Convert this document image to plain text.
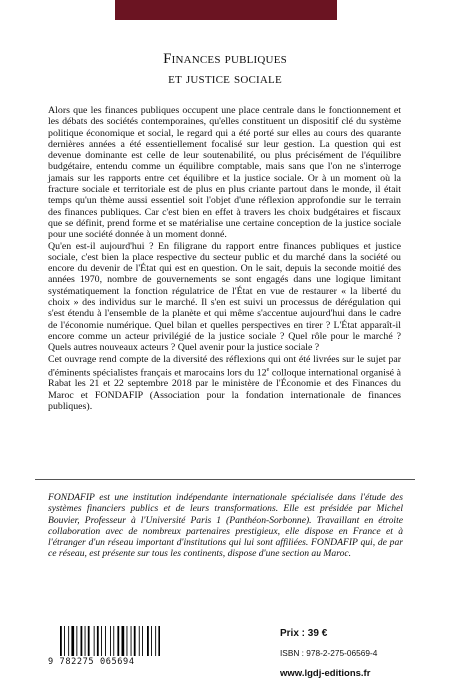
Finances publiques
et justice sociale

Alors que les finances publiques occupent une place centrale dans le fonctionnement et les débats des sociétés contemporaines, qu'elles constituent un dispositif clé du système politique économique et social, le regard qui a été porté sur elles au cours des quarante dernières années a été essentiellement focalisé sur leur gestion. La question qui est devenue dominante est celle de leur soutenabilité, ou plus précisément de l'équilibre budgétaire, entendu comme un équilibre comptable, mais sans que l'on ne s'interroge jamais sur les rapports entre cet équilibre et la justice sociale. Or à un moment où la fracture sociale et territoriale est de plus en plus criante partout dans le monde, il était temps qu'un thème aussi essentiel soit l'objet d'une réflexion approfondie sur le terrain des finances publiques. Car c'est bien en effet à travers les choix budgétaires et fiscaux que se définit, prend forme et se matérialise une certaine conception de la justice sociale pour une société donnée à un moment donné.

Qu'en est-il aujourd'hui ? En filigrane du rapport entre finances publiques et justice sociale, c'est bien la place respective du secteur public et du marché dans la société ou encore du devenir de l'État qui est en question. On le sait, depuis la seconde moitié des années 1970, nombre de gouvernements se sont engagés dans une logique limitant systématiquement la fonction régulatrice de l'État en vue de restaurer « la liberté du choix » des individus sur le marché. Il s'en est suivi un processus de dérégulation qui s'est étendu à l'ensemble de la planète et qui même s'accentue aujourd'hui dans le cadre de l'économie numérique. Quel bilan et quelles perspectives en tirer ? L'État apparaît-il encore comme un acteur privilégié de la justice sociale ? Quel rôle pour le marché ? Quels autres nouveaux acteurs ? Quel avenir pour la justice sociale ?

Cet ouvrage rend compte de la diversité des réflexions qui ont été livrées sur le sujet par d'éminents spécialistes français et marocains lors du 12e colloque international organisé à Rabat les 21 et 22 septembre 2018 par le ministère de l'Économie et des Finances du Maroc et FONDAFIP (Association pour la fondation internationale de finances publiques).

FONDAFIP est une institution indépendante internationale spécialisée dans l'étude des systèmes financiers publics et de leurs transformations. Elle est présidée par Michel Bouvier, Professeur à l'Université Paris 1 (Panthéon-Sorbonne). Travaillant en étroite collaboration avec de nombreux partenaires prestigieux, elle dispose en France et à l'étranger d'un réseau important d'institutions qui lui sont affiliées. FONDAFIP qui, de par ce réseau, est présente sur tous les continents, dispose d'une section au Maroc.
9 782275 065694
Prix : 39 €
ISBN : 978-2-275-06569-4
www.lgdj-editions.fr
